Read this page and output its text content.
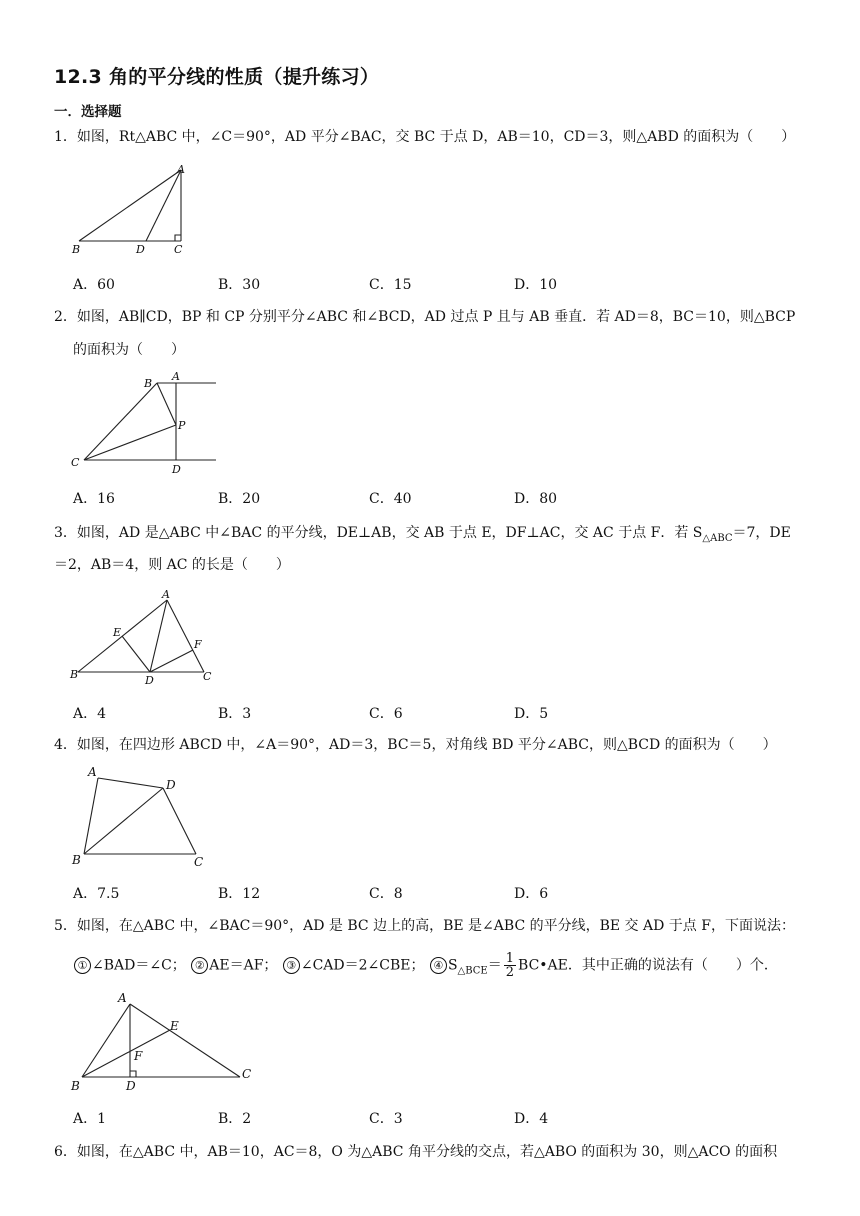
12.3 角的平分线的性质（提升练习）
一．选择题
1．如图，Rt△ABC 中，∠C＝90°，AD 平分∠BAC，交 BC 于点 D，AB＝10，CD＝3，则△ABD 的面积为（　　）
A
B	D	C
A．60	B．30	C．15	D．10
2．如图，AB∥CD，BP 和 CP 分别平分∠ABC 和∠BCD，AD 过点 P 且与 AB 垂直．若 AD＝8，BC＝10，则△BCP
的面积为（　　）
B
A
P
C
D
A．16	B．20	C．40	D．80
3．如图，AD 是△ABC 中∠BAC 的平分线，DE⊥AB，交 AB 于点 E，DF⊥AC，交 AC 于点 F．若 $S_{\triangle ABC}=7$，DE
＝2，AB＝4，则 AC 的长是（　　）
A
E
F
B	D	C
A．4	B．3	C．6	D．5
4．如图，在四边形 ABCD 中，∠A＝90°，AD＝3，BC＝5，对角线 BD 平分∠ABC，则△BCD 的面积为（　　）
A
D
B	C
A．7.5	B．12	C．8	D．6
5．如图，在△ABC 中，∠BAC＝90°，AD 是 BC 边上的高，BE 是∠ABC 的平分线，BE 交 AD 于点 F，下面说法：
① ∠BAD＝∠C； ② AE＝AF； ③ ∠CAD＝2∠CBE； ④ $S_{\triangle BCE}= \frac{1}{2}$ BC•AE．其中正确的说法有（　　）个．
A
E
F
B	D
C
A．1	B．2	C．3	D．4
6．如图，在△ABC 中，AB＝10，AC＝8，O 为△ABC 角平分线的交点，若△ABO 的面积为 30，则△ACO 的面积
